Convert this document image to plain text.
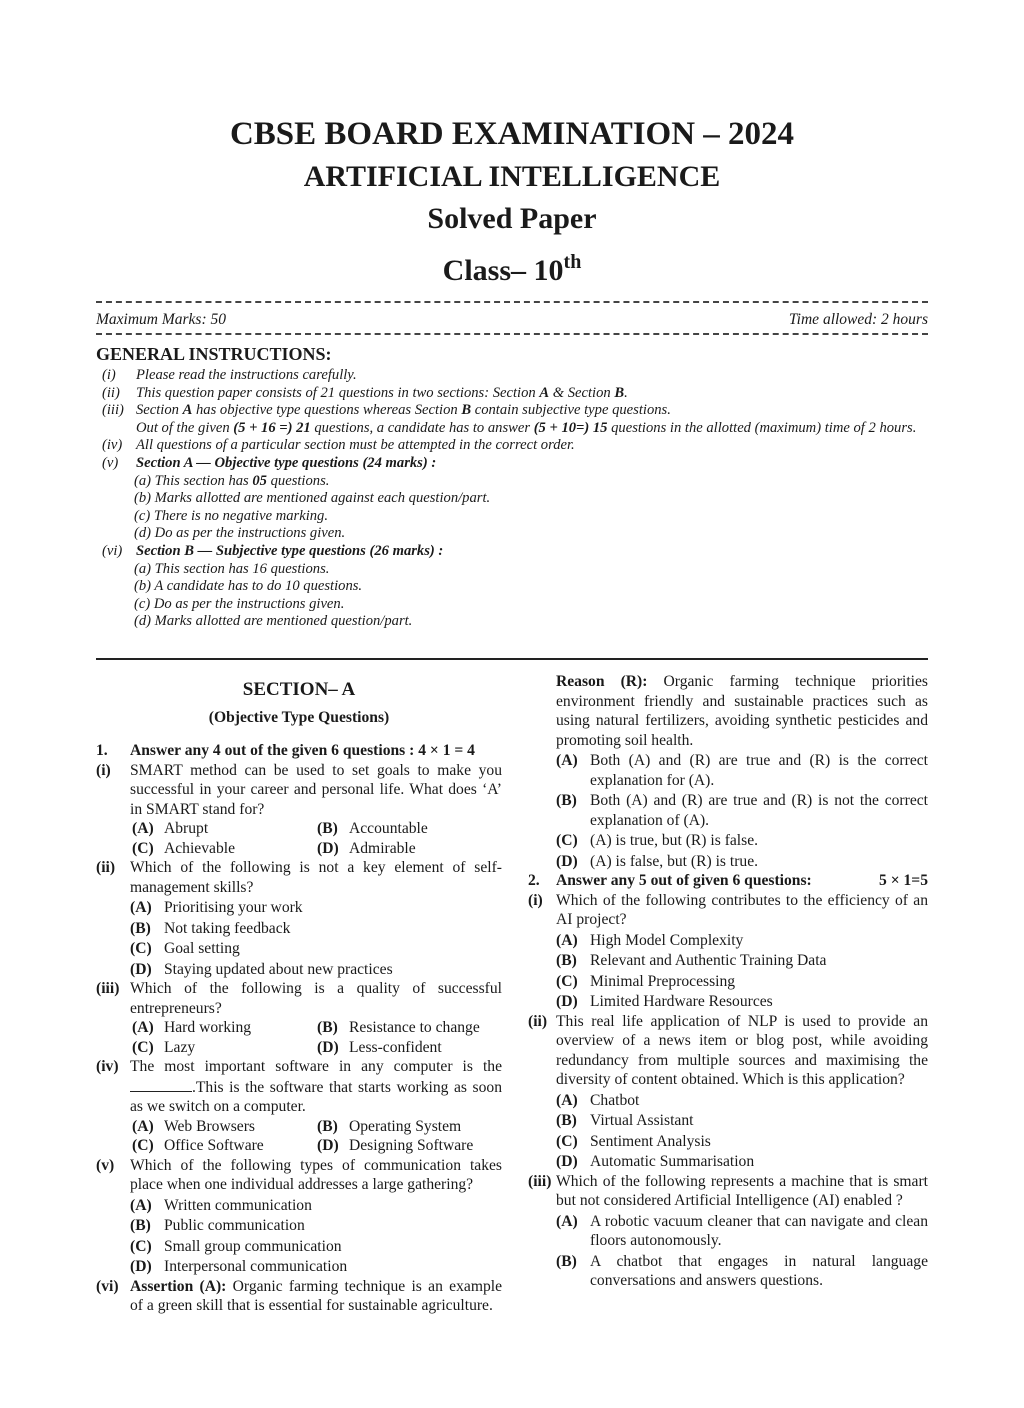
CBSE BOARD EXAMINATION – 2024
ARTIFICIAL INTELLIGENCE
Solved Paper
Class– 10th
Maximum Marks: 50	Time allowed: 2 hours
GENERAL INSTRUCTIONS:
(i) Please read the instructions carefully.
(ii) This question paper consists of 21 questions in two sections: Section A & Section B.
(iii) Section A has objective type questions whereas Section B contain subjective type questions.
Out of the given (5 + 16 =) 21 questions, a candidate has to answer (5 + 10=) 15 questions in the allotted (maximum) time of 2 hours.
(iv) All questions of a particular section must be attempted in the correct order.
(v) Section A — Objective type questions (24 marks) :
(a) This section has 05 questions.
(b) Marks allotted are mentioned against each question/part.
(c) There is no negative marking.
(d) Do as per the instructions given.
(vi) Section B — Subjective type questions (26 marks) :
(a) This section has 16 questions.
(b) A candidate has to do 10 questions.
(c) Do as per the instructions given.
(d) Marks allotted are mentioned question/part.
SECTION– A
(Objective Type Questions)
1. Answer any 4 out of the given 6 questions : 4 × 1 = 4
(i) SMART method can be used to set goals to make you successful in your career and personal life. What does ‘A’ in SMART stand for?
(A) Abrupt	(B) Accountable
(C) Achievable	(D) Admirable
(ii) Which of the following is not a key element of self-management skills?
(A) Prioritising your work
(B) Not taking feedback
(C) Goal setting
(D) Staying updated about new practices
(iii) Which of the following is a quality of successful entrepreneurs?
(A) Hard working	(B) Resistance to change
(C) Lazy	(D) Less-confident
(iv) The most important software in any computer is the .This is the software that starts working as soon as we switch on a computer.
(A) Web Browsers	(B) Operating System
(C) Office Software	(D) Designing Software
(v) Which of the following types of communication takes place when one individual addresses a large gathering?
(A) Written communication
(B) Public communication
(C) Small group communication
(D) Interpersonal communication
(vi) Assertion (A): Organic farming technique is an example of a green skill that is essential for sustainable agriculture.
Reason (R): Organic farming technique priorities environment friendly and sustainable practices such as using natural fertilizers, avoiding synthetic pesticides and promoting soil health.
(A) Both (A) and (R) are true and (R) is the correct explanation for (A).
(B) Both (A) and (R) are true and (R) is not the correct explanation of (A).
(C) (A) is true, but (R) is false.
(D) (A) is false, but (R) is true.
2.	5 × 1=5
Answer any 5 out of given 6 questions:
(i) Which of the following contributes to the efficiency of an AI project?
(A) High Model Complexity
(B) Relevant and Authentic Training Data
(C) Minimal Preprocessing
(D) Limited Hardware Resources
(ii) This real life application of NLP is used to provide an overview of a news item or blog post, while avoiding redundancy from multiple sources and maximising the diversity of content obtained. Which is this application?
(A) Chatbot
(B) Virtual Assistant
(C) Sentiment Analysis
(D) Automatic Summarisation
(iii) Which of the following represents a machine that is smart but not considered Artificial Intelligence (AI) enabled ?
(A) A robotic vacuum cleaner that can navigate and clean floors autonomously.
(B) A chatbot that engages in natural language conversations and answers questions.
